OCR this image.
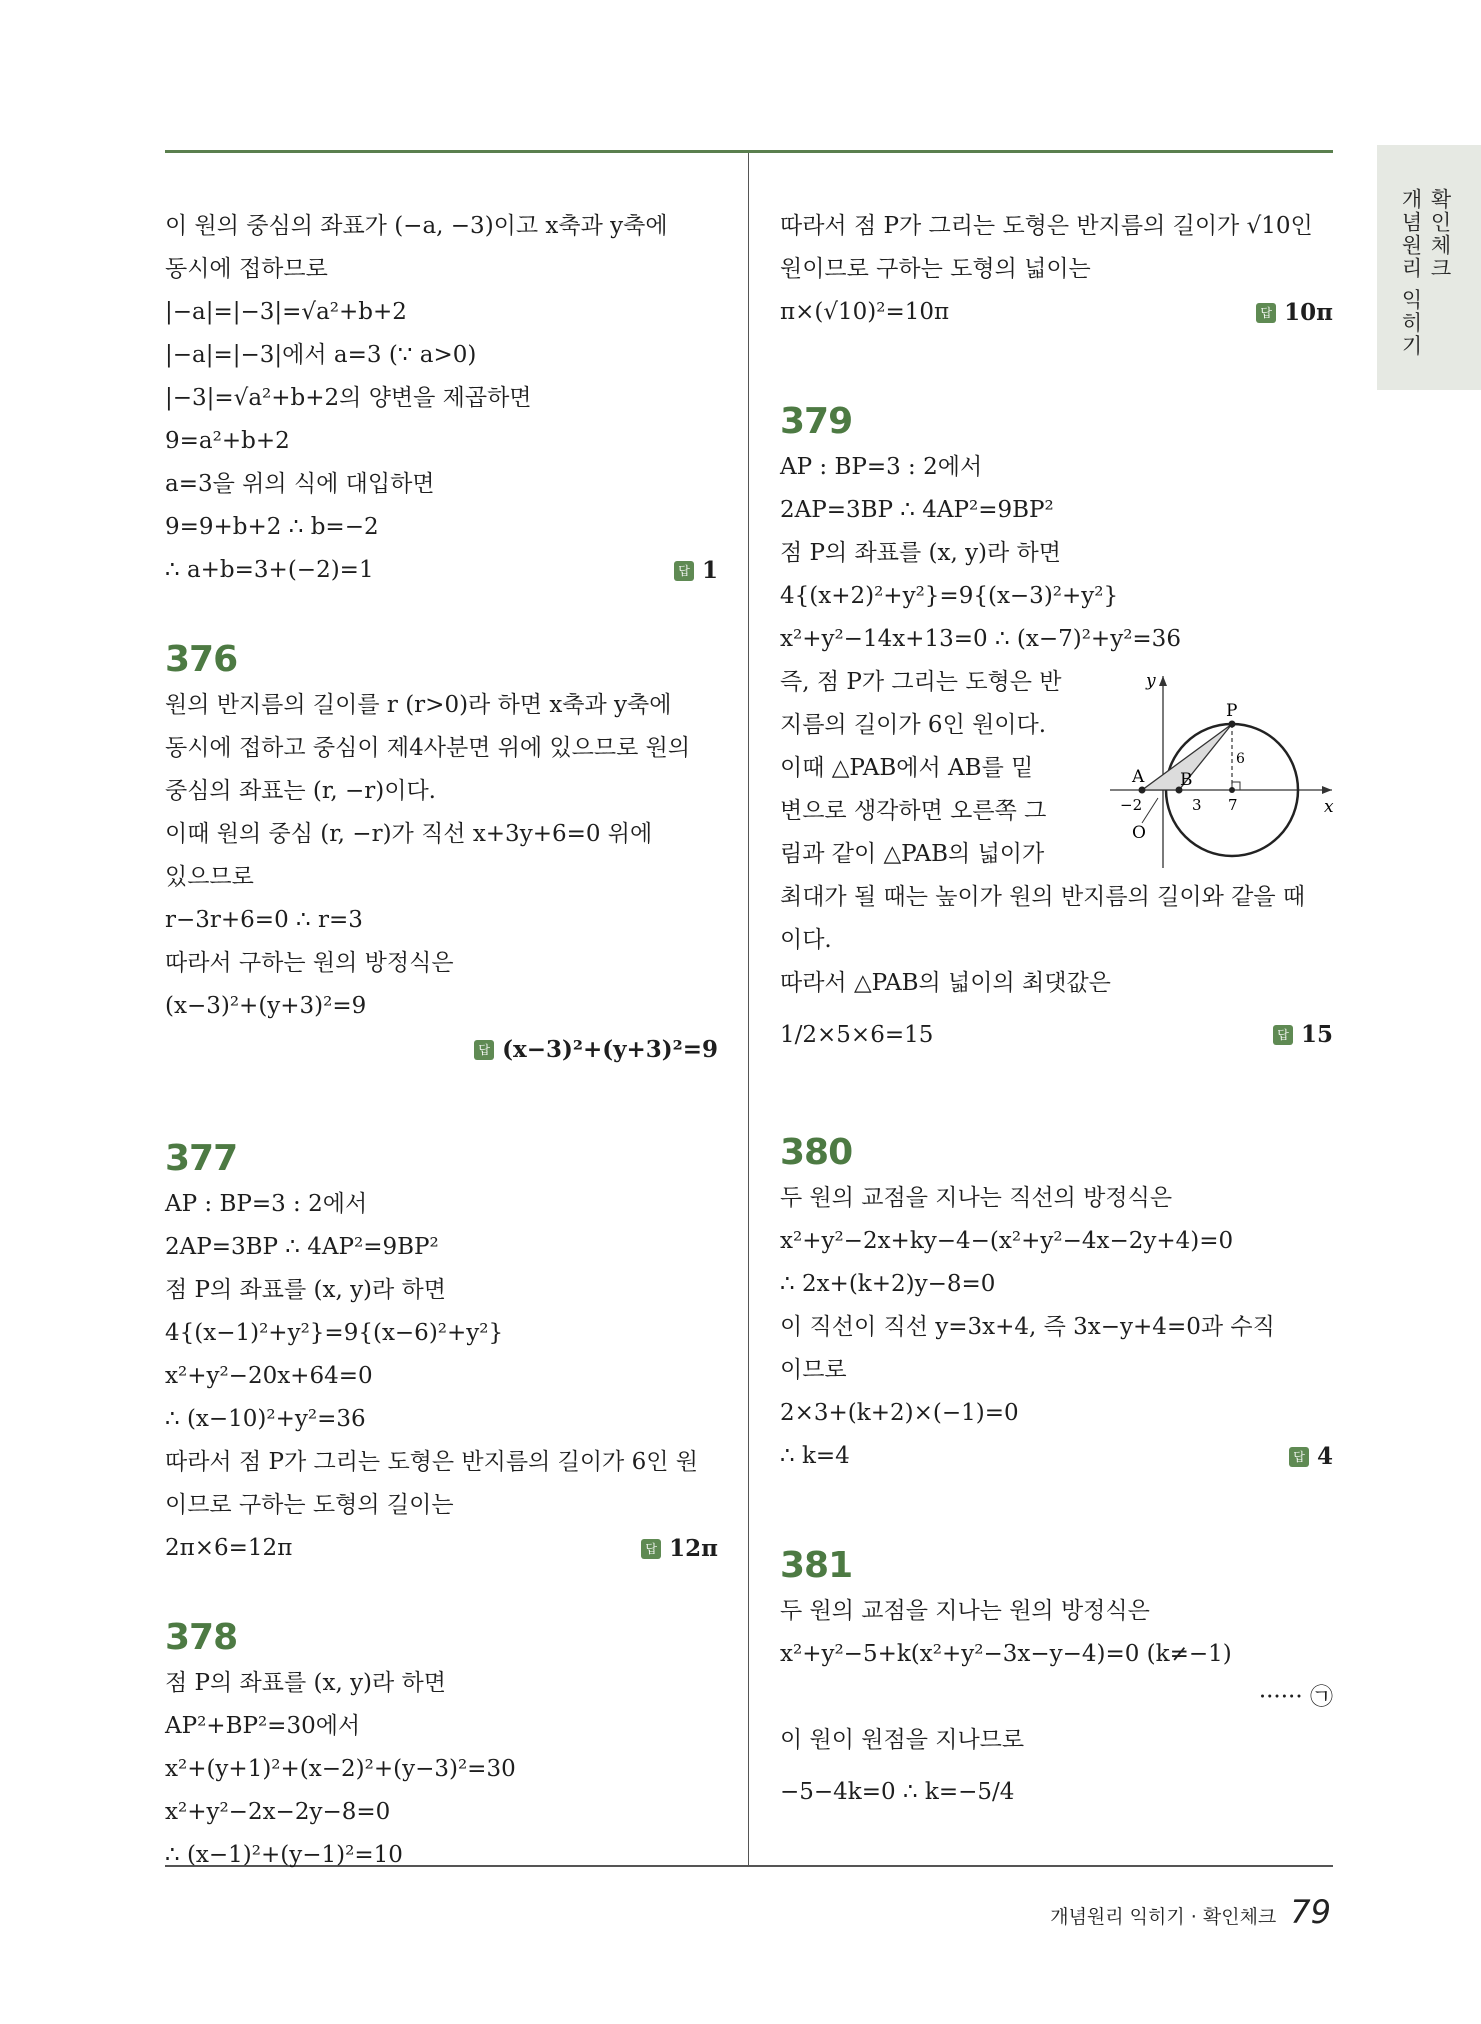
확인체크
개념원리 익히기
이 원의 중심의 좌표가 (−a, −3)이고 x축과 y축에
동시에 접하므로
|−a|=|−3|=√a²+b+2
|−a|=|−3|에서 a=3 (∵ a>0)
|−3|=√a²+b+2의 양변을 제곱하면
9=a²+b+2
a=3을 위의 식에 대입하면
9=9+b+2 ∴ b=−2
∴ a+b=3+(−2)=1	답 1
376
원의 반지름의 길이를 r (r>0)라 하면 x축과 y축에
동시에 접하고 중심이 제4사분면 위에 있으므로 원의
중심의 좌표는 (r, −r)이다.
이때 원의 중심 (r, −r)가 직선 x+3y+6=0 위에
있으므로
r−3r+6=0 ∴ r=3
따라서 구하는 원의 방정식은
(x−3)²+(y+3)²=9
답 (x−3)²+(y+3)²=9
377
AP : BP=3 : 2에서
2AP=3BP ∴ 4AP²=9BP²
점 P의 좌표를 (x, y)라 하면
4{(x−1)²+y²}=9{(x−6)²+y²}
x²+y²−20x+64=0
∴ (x−10)²+y²=36
따라서 점 P가 그리는 도형은 반지름의 길이가 6인 원
이므로 구하는 도형의 길이는
2π×6=12π	답 12π
378
점 P의 좌표를 (x, y)라 하면
AP²+BP²=30에서
x²+(y+1)²+(x−2)²+(y−3)²=30
x²+y²−2x−2y−8=0
∴ (x−1)²+(y−1)²=10
따라서 점 P가 그리는 도형은 반지름의 길이가 √10인
원이므로 구하는 도형의 넓이는
π×(√10)²=10π	답 10π
379
AP : BP=3 : 2에서
2AP=3BP ∴ 4AP²=9BP²
점 P의 좌표를 (x, y)라 하면
4{(x+2)²+y²}=9{(x−3)²+y²}
x²+y²−14x+13=0 ∴ (x−7)²+y²=36
즉, 점 P가 그리는 도형은 반
지름의 길이가 6인 원이다.
이때 △PAB에서 AB를 밑
변으로 생각하면 오른쪽 그
림과 같이 △PAB의 넓이가
최대가 될 때는 높이가 원의 반지름의 길이와 같을 때
이다.
따라서 △PAB의 넓이의 최댓값은
1/2×5×6=15	답 15
380
두 원의 교점을 지나는 직선의 방정식은
x²+y²−2x+ky−4−(x²+y²−4x−2y+4)=0
∴ 2x+(k+2)y−8=0
이 직선이 직선 y=3x+4, 즉 3x−y+4=0과 수직
이므로
2×3+(k+2)×(−1)=0
∴ k=4	답 4
381
두 원의 교점을 지나는 원의 방정식은
x²+y²−5+k(x²+y²−3x−y−4)=0 (k≠−1)
······ ㉠
이 원이 원점을 지나므로
−5−4k=0 ∴ k=−5/4
y
x
O
P
A B
−2	3 7
6
개념원리 익히기 · 확인체크 79
